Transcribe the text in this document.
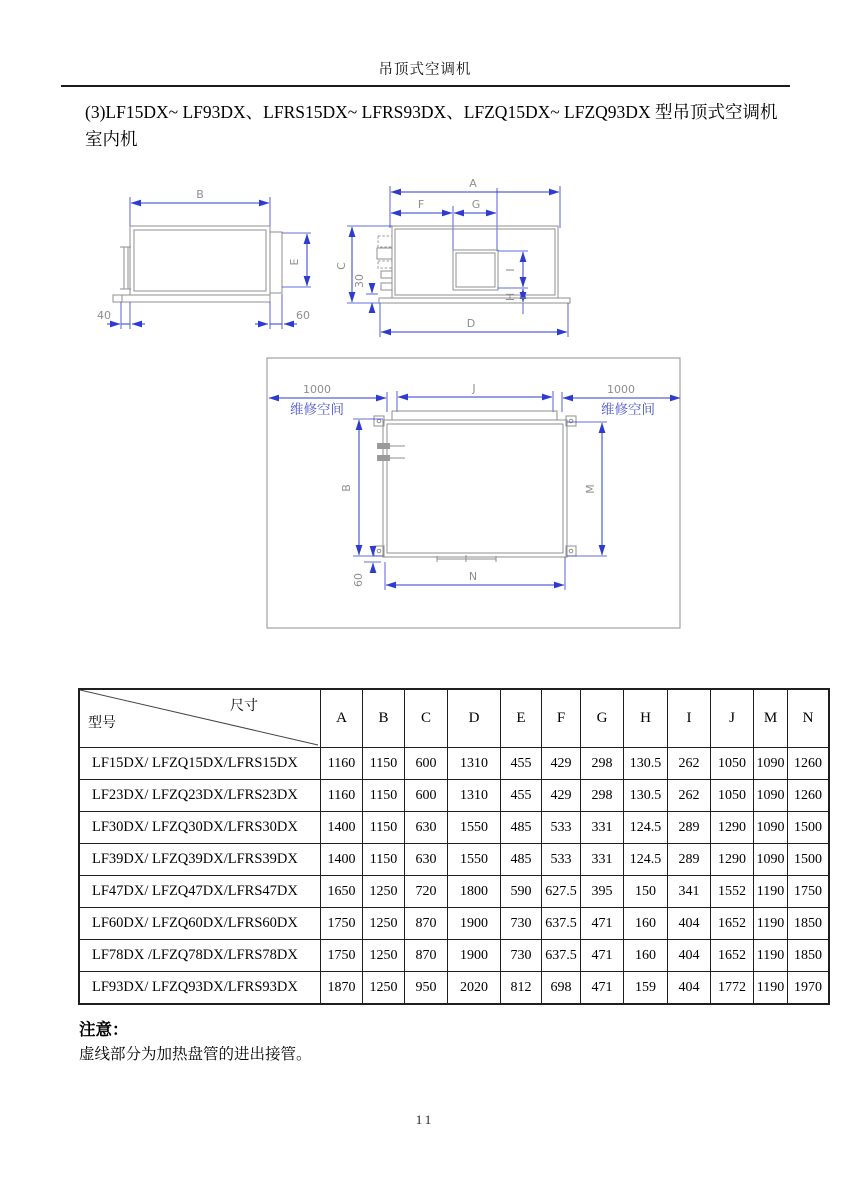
吊顶式空调机
(3)LF15DX~ LF93DX、LFRS15DX~ LFRS93DX、LFZQ15DX~ LFZQ93DX 型吊顶式空调机
室内机
B
E
40	60
A
F	G
C
30
I
H
D
1000
维修空间
J	1000
维修空间
B	M
60	N
尺寸
型号	A	B	C	D	E	F	G	H	I	J	M	N
LF15DX/ LFZQ15DX/LFRS15DX	1160	1150	600	1310	455	429	298	130.5	262	1050	1090	1260
LF23DX/ LFZQ23DX/LFRS23DX	1160	1150	600	1310	455	429	298	130.5	262	1050	1090	1260
LF30DX/ LFZQ30DX/LFRS30DX	1400	1150	630	1550	485	533	331	124.5	289	1290	1090	1500
LF39DX/ LFZQ39DX/LFRS39DX	1400	1150	630	1550	485	533	331	124.5	289	1290	1090	1500
LF47DX/ LFZQ47DX/LFRS47DX	1650	1250	720	1800	590	627.5	395	150	341	1552	1190	1750
LF60DX/ LFZQ60DX/LFRS60DX	1750	1250	870	1900	730	637.5	471	160	404	1652	1190	1850
LF78DX /LFZQ78DX/LFRS78DX	1750	1250	870	1900	730	637.5	471	160	404	1652	1190	1850
LF93DX/ LFZQ93DX/LFRS93DX	1870	1250	950	2020	812	698	471	159	404	1772	1190	1970
注意：
虚线部分为加热盘管的进出接管。
11
